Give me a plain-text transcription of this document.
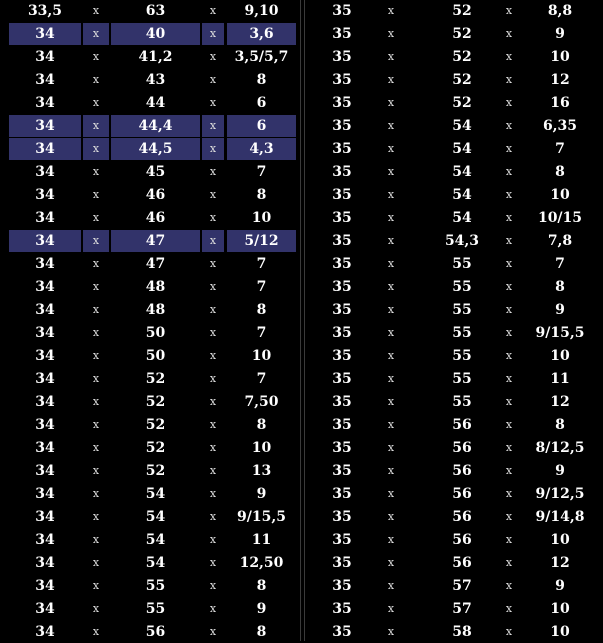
33,5	x	63	x	9,10
34	x	40	x	3,6
34	x	41,2	x	3,5/5,7
34	x	43	x	8
34	x	44	x	6
34	x	44,4	x	6
34	x	44,5	x	4,3
34	x	45	x	7
34	x	46	x	8
34	x	46	x	10
34	x	47	x	5/12
34	x	47	x	7
34	x	48	x	7
34	x	48	x	8
34	x	50	x	7
34	x	50	x	10
34	x	52	x	7
34	x	52	x	7,50
34	x	52	x	8
34	x	52	x	10
34	x	52	x	13
34	x	54	x	9
34	x	54	x	9/15,5
34	x	54	x	11
34	x	54	x	12,50
34	x	55	x	8
34	x	55	x	9
34	x	56	x	8
35	x	52	x	8,8
35	x	52	x	9
35	x	52	x	10
35	x	52	x	12
35	x	52	x	16
35	x	54	x	6,35
35	x	54	x	7
35	x	54	x	8
35	x	54	x	10
35	x	54	x	10/15
35	x	54,3	x	7,8
35	x	55	x	7
35	x	55	x	8
35	x	55	x	9
35	x	55	x	9/15,5
35	x	55	x	10
35	x	55	x	11
35	x	55	x	12
35	x	56	x	8
35	x	56	x	8/12,5
35	x	56	x	9
35	x	56	x	9/12,5
35	x	56	x	9/14,8
35	x	56	x	10
35	x	56	x	12
35	x	57	x	9
35	x	57	x	10
35	x	58	x	10
